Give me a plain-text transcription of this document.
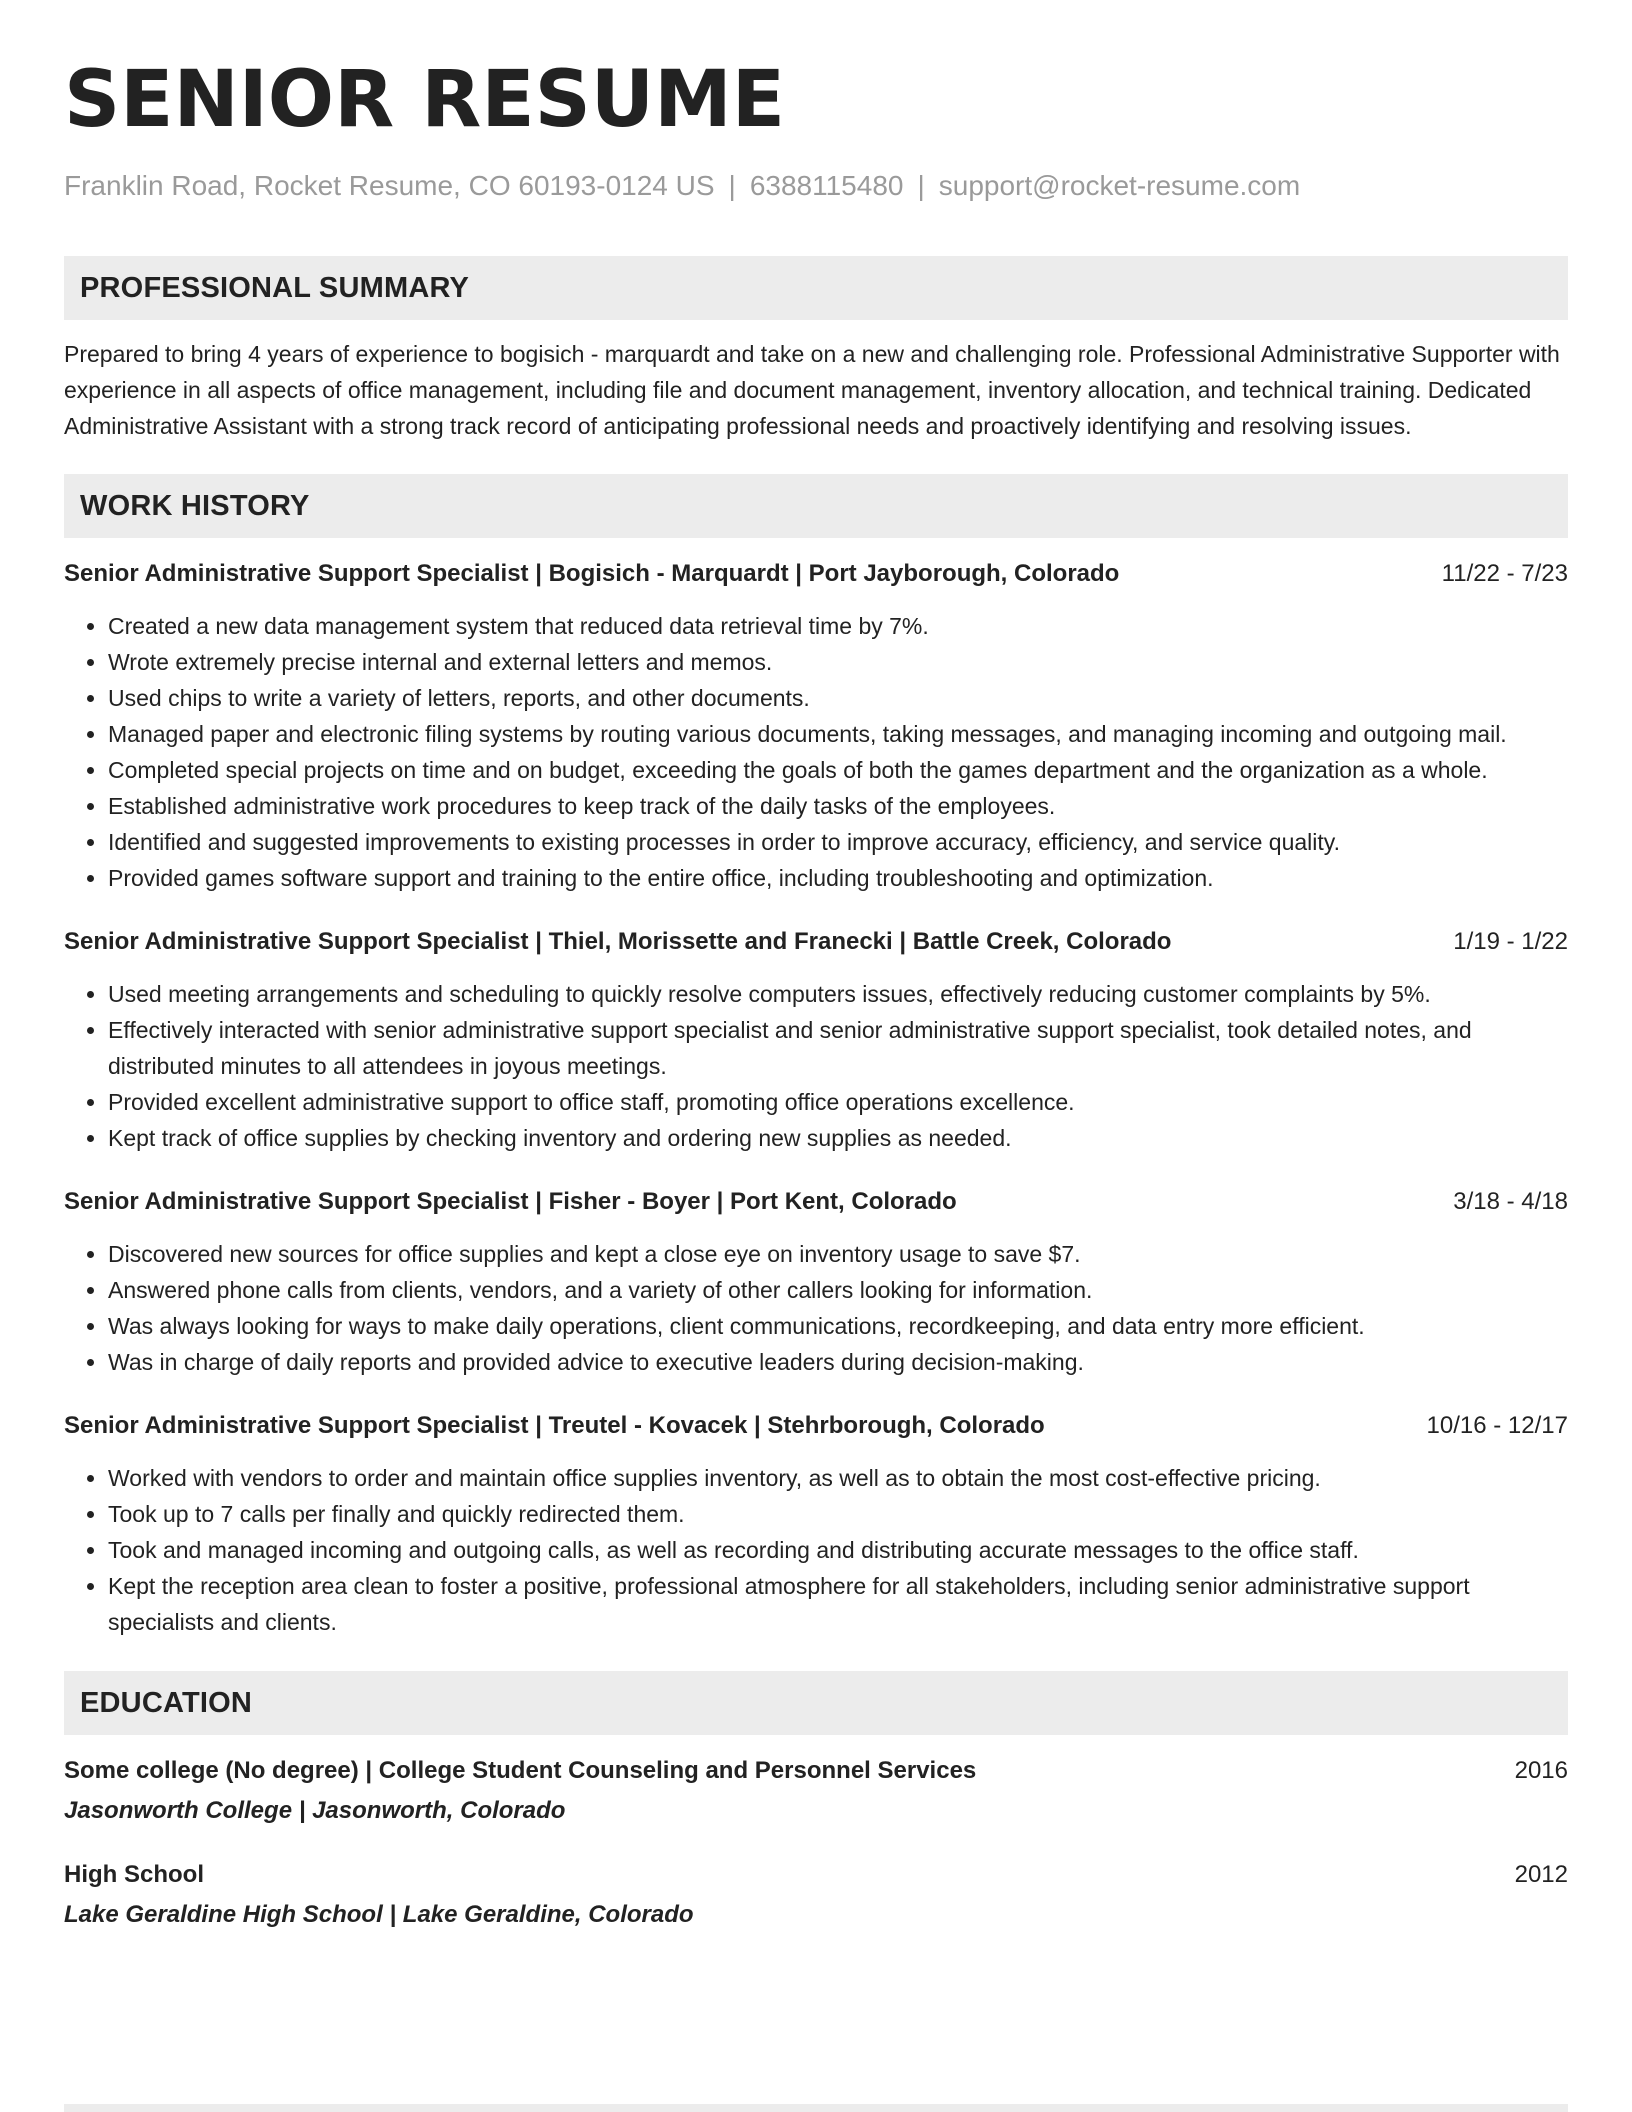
SENIOR RESUME
Franklin Road, Rocket Resume, CO 60193-0124 US | 6388115480 | support@rocket-resume.com
PROFESSIONAL SUMMARY

Prepared to bring 4 years of experience to bogisich - marquardt and take on a new and challenging role. Professional Administrative Supporter with experience in all aspects of office management, including file and document management, inventory allocation, and technical training. Dedicated Administrative Assistant with a strong track record of anticipating professional needs and proactively identifying and resolving issues.

WORK HISTORY
Senior Administrative Support Specialist | Bogisich - Marquardt | Port Jayborough, Colorado	11/22 - 7/23
• Created a new data management system that reduced data retrieval time by 7%.
• Wrote extremely precise internal and external letters and memos.
• Used chips to write a variety of letters, reports, and other documents.
• Managed paper and electronic filing systems by routing various documents, taking messages, and managing incoming and outgoing mail.
• Completed special projects on time and on budget, exceeding the goals of both the games department and the organization as a whole.
• Established administrative work procedures to keep track of the daily tasks of the employees.
• Identified and suggested improvements to existing processes in order to improve accuracy, efficiency, and service quality.
• Provided games software support and training to the entire office, including troubleshooting and optimization.
Senior Administrative Support Specialist | Thiel, Morissette and Franecki | Battle Creek, Colorado	1/19 - 1/22
• Used meeting arrangements and scheduling to quickly resolve computers issues, effectively reducing customer complaints by 5%.
• Effectively interacted with senior administrative support specialist and senior administrative support specialist, took detailed notes, and distributed minutes to all attendees in joyous meetings.
• Provided excellent administrative support to office staff, promoting office operations excellence.
• Kept track of office supplies by checking inventory and ordering new supplies as needed.
Senior Administrative Support Specialist | Fisher - Boyer | Port Kent, Colorado	3/18 - 4/18
• Discovered new sources for office supplies and kept a close eye on inventory usage to save $7.
• Answered phone calls from clients, vendors, and a variety of other callers looking for information.
• Was always looking for ways to make daily operations, client communications, recordkeeping, and data entry more efficient.
• Was in charge of daily reports and provided advice to executive leaders during decision-making.
Senior Administrative Support Specialist | Treutel - Kovacek | Stehrborough, Colorado	10/16 - 12/17
• Worked with vendors to order and maintain office supplies inventory, as well as to obtain the most cost-effective pricing.
• Took up to 7 calls per finally and quickly redirected them.
• Took and managed incoming and outgoing calls, as well as recording and distributing accurate messages to the office staff.
• Kept the reception area clean to foster a positive, professional atmosphere for all stakeholders, including senior administrative support specialists and clients.
EDUCATION
Some college (No degree) | College Student Counseling and Personnel Services	2016
Jasonworth College | Jasonworth, Colorado
High School	2012
Lake Geraldine High School | Lake Geraldine, Colorado
